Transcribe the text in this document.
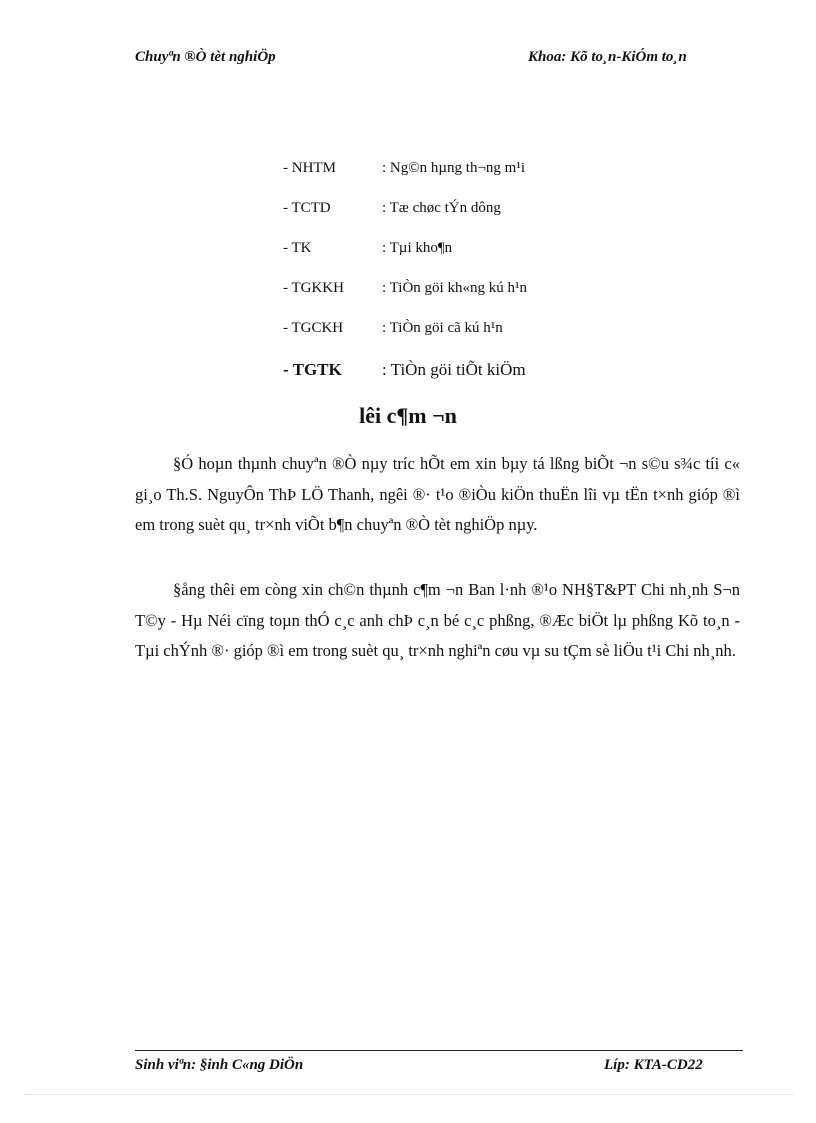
Chuyªn ®Ò tèt nghiÖp	Khoa: Kõ to¸n-KiÓm to¸n
- NHTM	: Ng©n hµng th¬ng m¹i
- TCTD	: Tæ chøc tÝn dông
- TK	: Tµi kho¶n
- TGKKH	: TiÒn göi kh«ng kú h¹n
- TGCKH	: TiÒn göi cã kú h¹n
- TGTK : TiÒn göi tiÕt kiÖm
lêi c¶m ¬n

§Ó hoµn thµnh chuyªn ®Ò nµy tríc hÕt em xin bµy tá lßng biÕt ¬n s©u s¾c tíi c« gi¸o Th.S. NguyÔn ThÞ LÖ Thanh, ngêi ®· t¹o ®iÒu kiÖn thuËn lîi vµ tËn t×nh gióp ®ì em trong suèt qu¸ tr×nh viÕt b¶n chuyªn ®Ò tèt nghiÖp nµy.

§ång thêi em còng xin ch©n thµnh c¶m ¬n Ban l·nh ®¹o NH§T&PT Chi nh¸nh S¬n T©y - Hµ Néi cïng toµn thÓ c¸c anh chÞ c¸n bé c¸c phßng, ®Æc biÖt lµ phßng Kõ to¸n - Tµi chÝnh ®· gióp ®ì em trong suèt qu¸ tr×nh nghiªn cøu vµ su tÇm sè liÖu t¹i Chi nh¸nh.

Sinh viªn: §inh C«ng DiÖn	Líp: KTA-CD22
